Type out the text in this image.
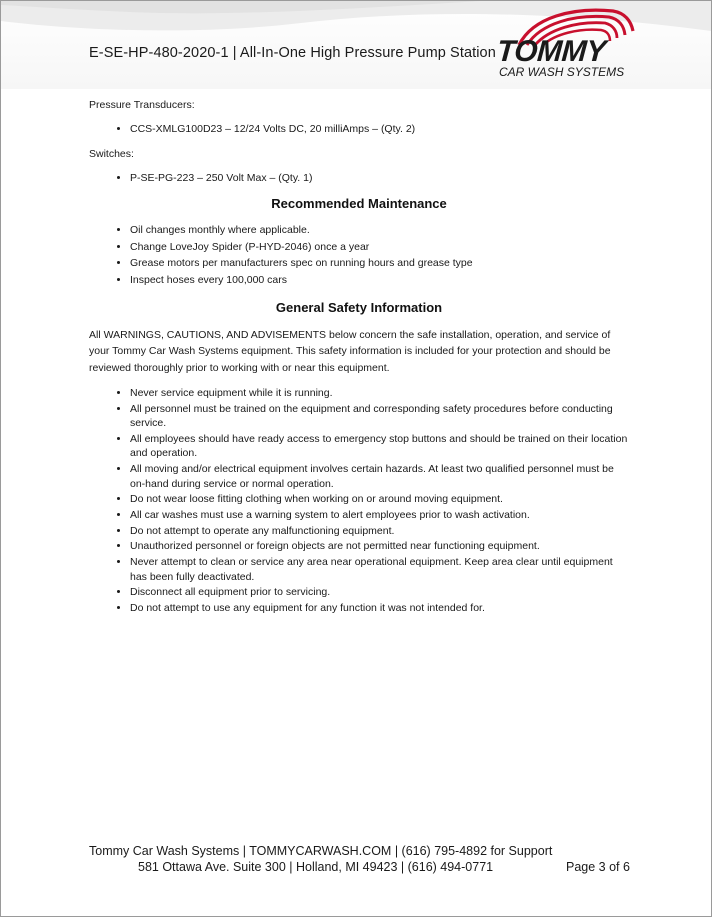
E-SE-HP-480-2020-1 | All-In-One High Pressure Pump Station TOMMY
CAR WASH SYSTEMS

Pressure Transducers:

• CCS-XMLG100D23 – 12/24 Volts DC, 20 milliAmps – (Qty. 2)

Switches:

• P-SE-PG-223 – 250 Volt Max – (Qty. 1)
Recommended Maintenance
• Oil changes monthly where applicable.
• Change LoveJoy Spider (P-HYD-2046) once a year
• Grease motors per manufacturers spec on running hours and grease type
• Inspect hoses every 100,000 cars
General Safety Information

All WARNINGS, CAUTIONS, AND ADVISEMENTS below concern the safe installation, operation, and service of your Tommy Car Wash Systems equipment. This safety information is included for your protection and should be reviewed thoroughly prior to working with or near this equipment.

• Never service equipment while it is running.
• All personnel must be trained on the equipment and corresponding safety procedures before conducting service.
• All employees should have ready access to emergency stop buttons and should be trained on their location and operation.
• All moving and/or electrical equipment involves certain hazards. At least two qualified personnel must be on-hand during service or normal operation.
• Do not wear loose fitting clothing when working on or around moving equipment.
• All car washes must use a warning system to alert employees prior to wash activation.
• Do not attempt to operate any malfunctioning equipment.
• Unauthorized personnel or foreign objects are not permitted near functioning equipment.
• Never attempt to clean or service any area near operational equipment. Keep area clear until equipment has been fully deactivated.
• Disconnect all equipment prior to servicing.
• Do not attempt to use any equipment for any function it was not intended for.
Tommy Car Wash Systems | TOMMYCARWASH.COM | (616) 795-4892 for Support
581 Ottawa Ave. Suite 300 | Holland, MI 49423 | (616) 494-0771	Page 3 of 6
